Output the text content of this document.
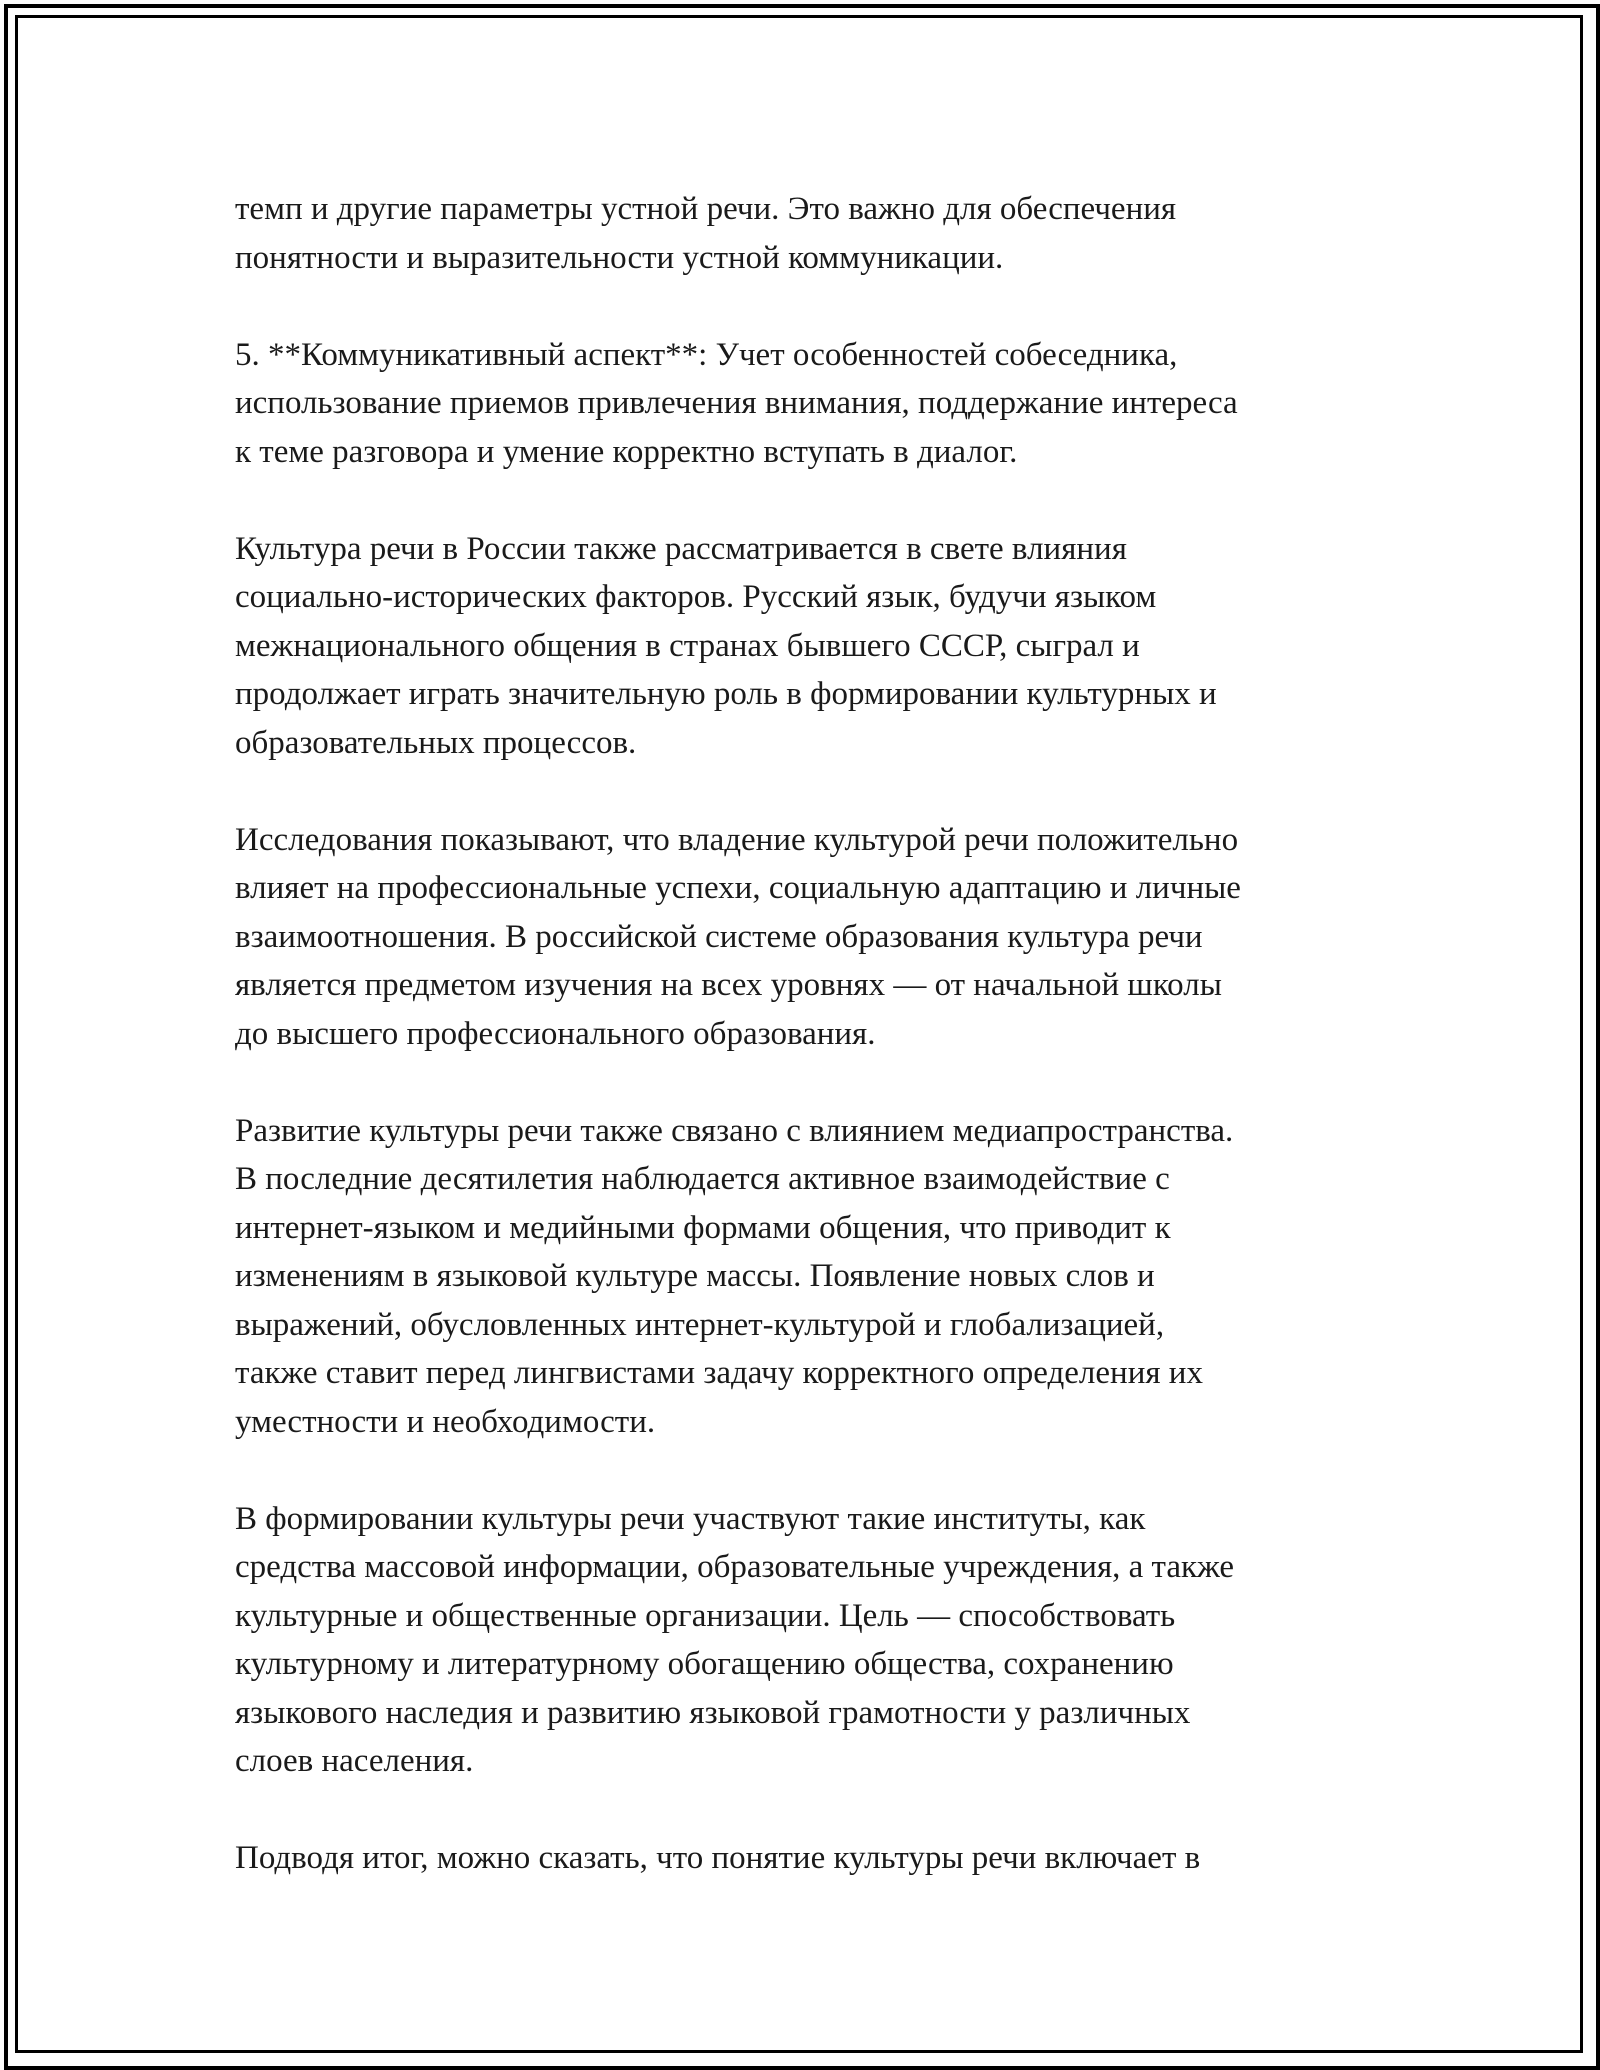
темп и другие параметры устной речи. Это важно для обеспечения
понятности и выразительности устной коммуникации.
5. **Коммуникативный аспект**: Учет особенностей собеседника,
использование приемов привлечения внимания, поддержание интереса
к теме разговора и умение корректно вступать в диалог.
Культура речи в России также рассматривается в свете влияния
социально-исторических факторов. Русский язык, будучи языком
межнационального общения в странах бывшего СССР, сыграл и
продолжает играть значительную роль в формировании культурных и
образовательных процессов.
Исследования показывают, что владение культурой речи положительно
влияет на профессиональные успехи, социальную адаптацию и личные
взаимоотношения. В российской системе образования культура речи
является предметом изучения на всех уровнях — от начальной школы
до высшего профессионального образования.
Развитие культуры речи также связано с влиянием медиапространства.
В последние десятилетия наблюдается активное взаимодействие с
интернет-языком и медийными формами общения, что приводит к
изменениям в языковой культуре массы. Появление новых слов и
выражений, обусловленных интернет-культурой и глобализацией,
также ставит перед лингвистами задачу корректного определения их
уместности и необходимости.
В формировании культуры речи участвуют такие институты, как
средства массовой информации, образовательные учреждения, а также
культурные и общественные организации. Цель — способствовать
культурному и литературному обогащению общества, сохранению
языкового наследия и развитию языковой грамотности у различных
слоев населения.
Подводя итог, можно сказать, что понятие культуры речи включает в
